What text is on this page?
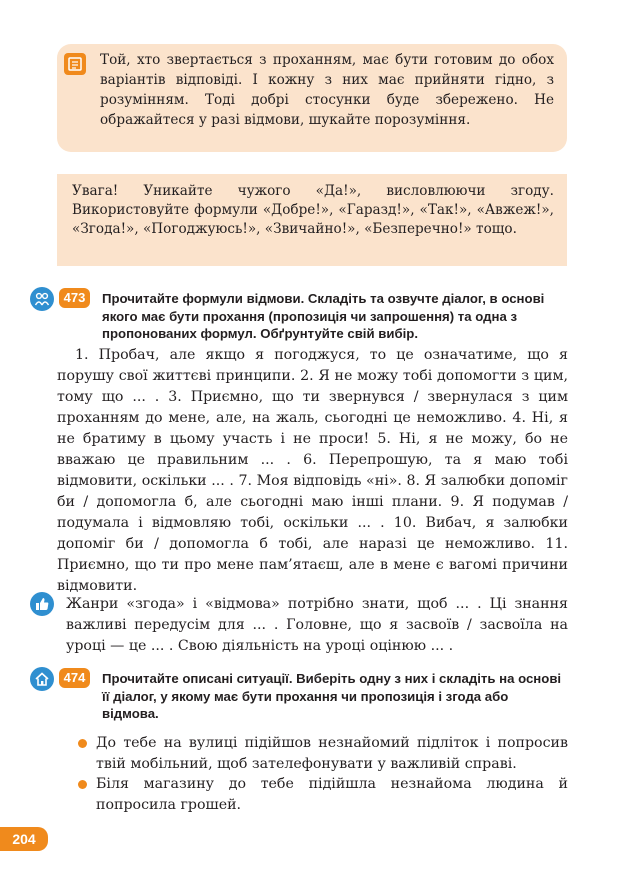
Той, хто звертається з проханням, має бути готовим до обох варіантів відповіді. І кожну з них має прийняти гідно, з розумінням. Тоді добрі стосунки буде збережено. Не ображайтеся у разі відмови, шукайте порозуміння.
Увага! Уникайте чужого «Да!», висловлюючи згоду. Використовуйте формули «Добре!», «Гаразд!», «Так!», «Авжеж!», «Згода!», «Погоджуюсь!», «Звичайно!», «Безперечно!» тощо.
473	Прочитайте формули відмови. Складіть та озвучте діалог, в основі якого має бути прохання (пропозиція чи запрошення) та одна з пропонованих формул. Обґрунтуйте свій вибір.
1. Пробач, але якщо я погоджуся, то це означатиме, що я порушу свої життєві принципи. 2. Я не можу тобі допомогти з цим, тому що ... . 3. Приємно, що ти звернувся / звернулася з цим проханням до мене, але, на жаль, сьогодні це неможливо. 4. Ні, я не братиму в цьому участь і не проси! 5. Ні, я не можу, бо не вважаю це правильним ... . 6. Перепрошую, та я маю тобі відмовити, оскільки ... . 7. Моя відповідь «ні». 8. Я залюбки допоміг би / допомогла б, але сьогодні маю інші плани. 9. Я подумав / подумала і відмовляю тобі, оскільки ... . 10. Вибач, я залюбки допоміг би / допомогла б тобі, але наразі це неможливо. 11. Приємно, що ти про мене пам’ятаєш, але в мене є вагомі причини відмовити.
Жанри «згода» і «відмова» потрібно знати, щоб ... . Ці знання важливі передусім для ... . Головне, що я засвоїв / засвоїла на уроці — це ... . Свою діяльність на уроці оцінюю ... .
474	Прочитайте описані ситуації. Виберіть одну з них і складіть на основі її діалог, у якому має бути прохання чи пропозиція і згода або відмова.
До тебе на вулиці підійшов незнайомий підліток і попросив твій мобільний, щоб зателефонувати у важливій справі.
Біля магазину до тебе підійшла незнайома людина й попросила грошей.
204
